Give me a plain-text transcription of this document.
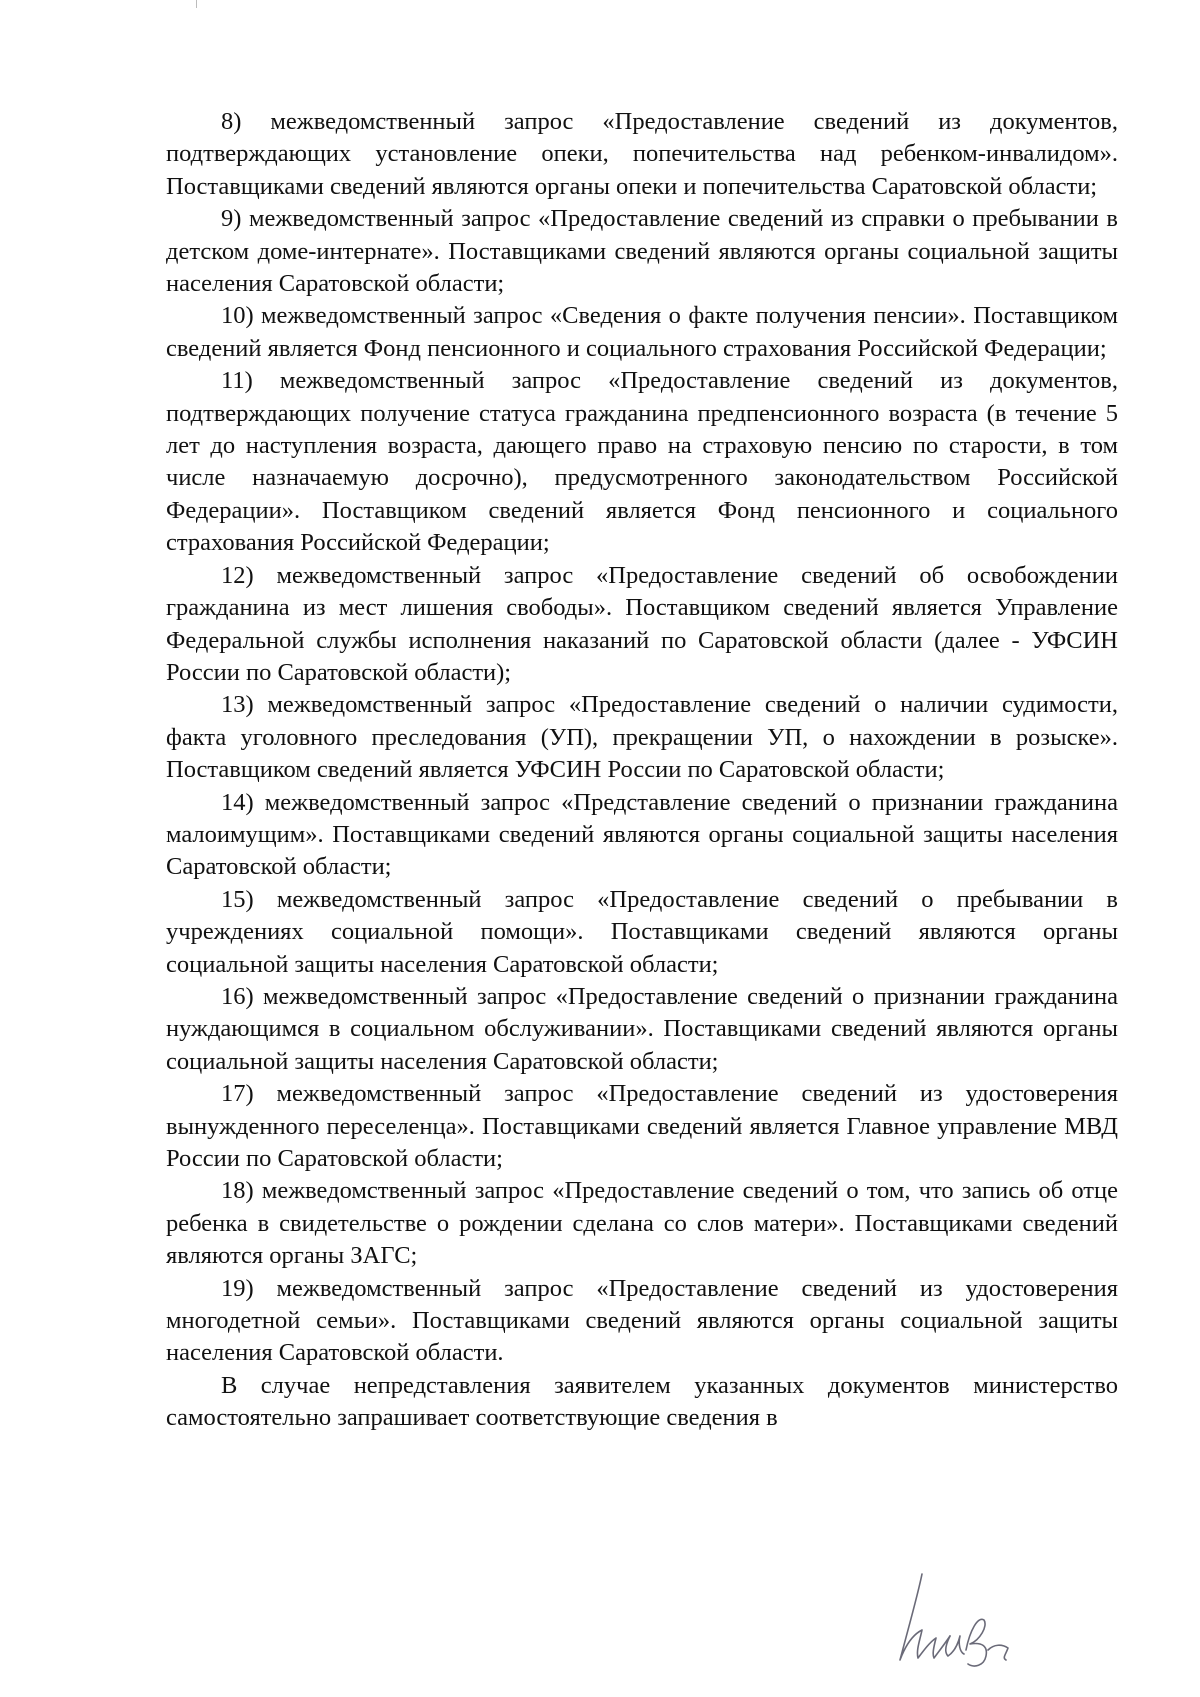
8) межведомственный запрос «Предоставление сведений из документов, подтверждающих установление опеки, попечительства над ребенком-инвалидом». Поставщиками сведений являются органы опеки и попечительства Саратовской области;

9) межведомственный запрос «Предоставление сведений из справки о пребывании в детском доме-интернате». Поставщиками сведений являются органы социальной защиты населения Саратовской области;

10) межведомственный запрос «Сведения о факте получения пенсии». Поставщиком сведений является Фонд пенсионного и социального страхования Российской Федерации;

11) межведомственный запрос «Предоставление сведений из документов, подтверждающих получение статуса гражданина предпенсионного возраста (в течение 5 лет до наступления возраста, дающего право на страховую пенсию по старости, в том числе назначаемую досрочно), предусмотренного законодательством Российской Федерации». Поставщиком сведений является Фонд пенсионного и социального страхования Российской Федерации;

12) межведомственный запрос «Предоставление сведений об освобождении гражданина из мест лишения свободы». Поставщиком сведений является Управление Федеральной службы исполнения наказаний по Саратовской области (далее - УФСИН России по Саратовской области);

13) межведомственный запрос «Предоставление сведений о наличии судимости, факта уголовного преследования (УП), прекращении УП, о нахождении в розыске». Поставщиком сведений является УФСИН России по Саратовской области;

14) межведомственный запрос «Представление сведений о признании гражданина малоимущим». Поставщиками сведений являются органы социальной защиты населения Саратовской области;

15) межведомственный запрос «Предоставление сведений о пребывании в учреждениях социальной помощи». Поставщиками сведений являются органы социальной защиты населения Саратовской области;

16) межведомственный запрос «Предоставление сведений о признании гражданина нуждающимся в социальном обслуживании». Поставщиками сведений являются органы социальной защиты населения Саратовской области;

17) межведомственный запрос «Предоставление сведений из удостоверения вынужденного переселенца». Поставщиками сведений является Главное управление МВД России по Саратовской области;

18) межведомственный запрос «Предоставление сведений о том, что запись об отце ребенка в свидетельстве о рождении сделана со слов матери». Поставщиками сведений являются органы ЗАГС;

19) межведомственный запрос «Предоставление сведений из удостоверения многодетной семьи». Поставщиками сведений являются органы социальной защиты населения Саратовской области.

В случае непредставления заявителем указанных документов министерство самостоятельно запрашивает соответствующие сведения в
